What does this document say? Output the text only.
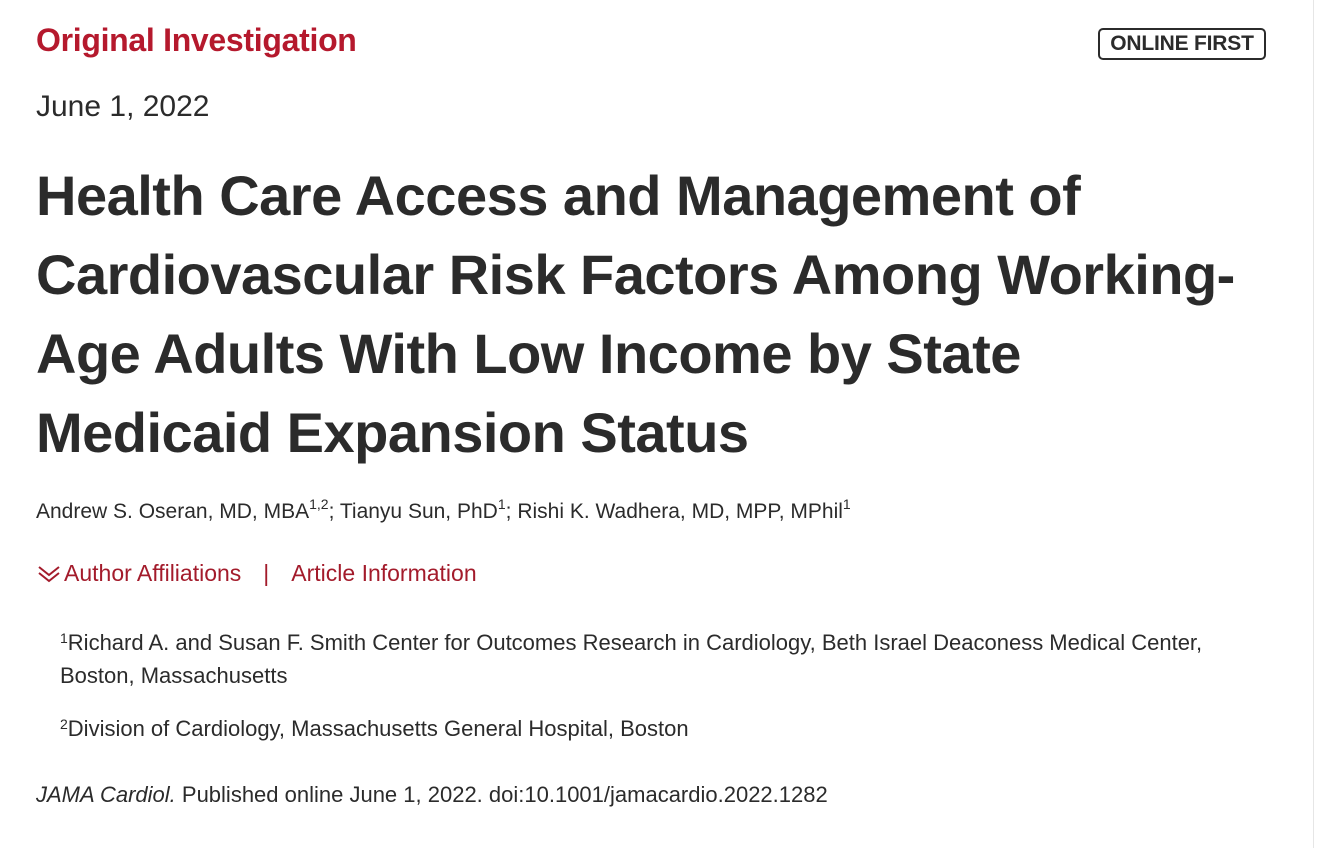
Original Investigation	ONLINE FIRST

June 1, 2022

Health Care Access and Management of Cardiovascular Risk Factors Among Working-Age Adults With Low Income by State Medicaid Expansion Status

Andrew S. Oseran, MD, MBA$^{1,2}$; Tianyu Sun, PhD$^1$; Rishi K. Wadhera, MD, MPP, MPhil$^1$

Author Affiliations | Article Information
$^1$Richard A. and Susan F. Smith Center for Outcomes Research in Cardiology, Beth Israel Deaconess Medical Center, Boston, Massachusetts
$^2$Division of Cardiology, Massachusetts General Hospital, Boston

JAMA Cardiol. Published online June 1, 2022. doi:10.1001/jamacardio.2022.1282
